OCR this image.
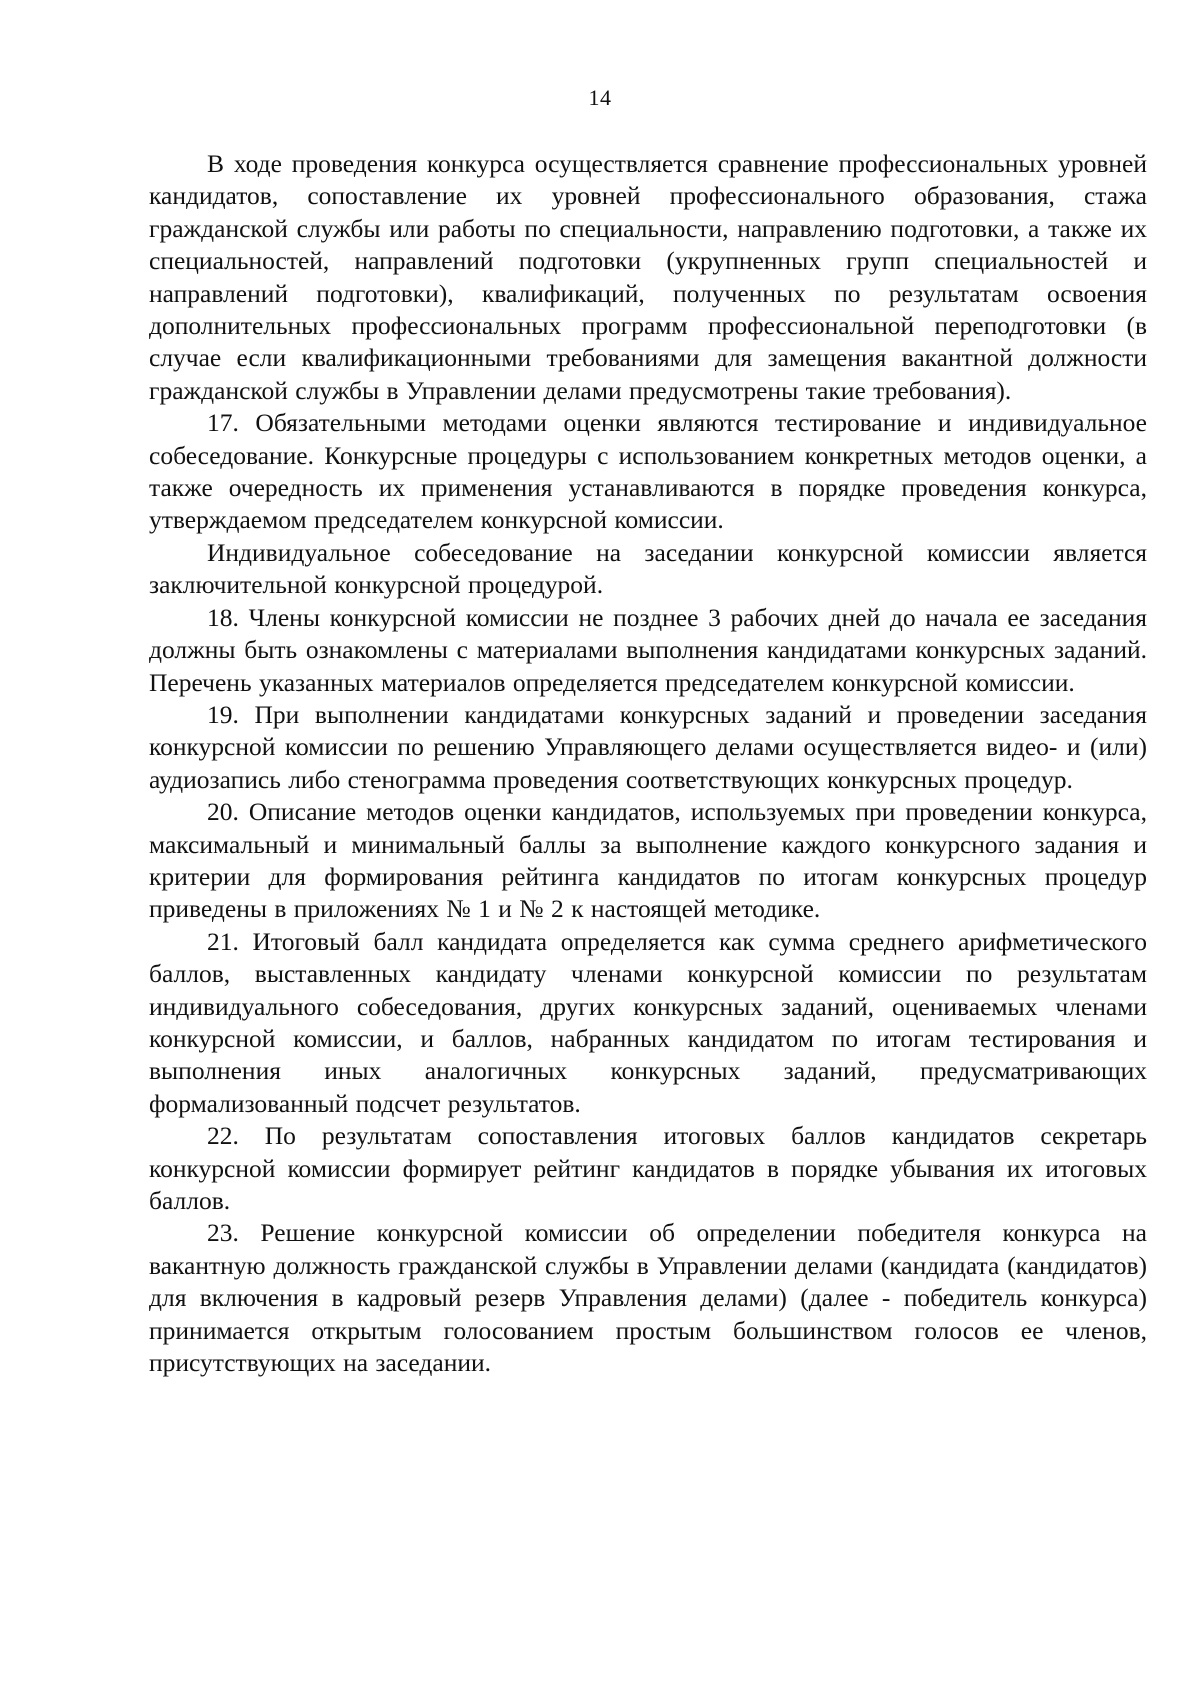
14

В ходе проведения конкурса осуществляется сравнение профессиональных уровней кандидатов, сопоставление их уровней профессионального образования, стажа гражданской службы или работы по специальности, направлению подготовки, а также их специальностей, направлений подготовки (укрупненных групп специальностей и направлений подготовки), квалификаций, полученных по результатам освоения дополнительных профессиональных программ профессиональной переподготовки (в случае если квалификационными требованиями для замещения вакантной должности гражданской службы в Управлении делами предусмотрены такие требования).

17. Обязательными методами оценки являются тестирование и индивидуальное собеседование. Конкурсные процедуры с использованием конкретных методов оценки, а также очередность их применения устанавливаются в порядке проведения конкурса, утверждаемом председателем конкурсной комиссии.

Индивидуальное собеседование на заседании конкурсной комиссии является заключительной конкурсной процедурой.

18. Члены конкурсной комиссии не позднее 3 рабочих дней до начала ее заседания должны быть ознакомлены с материалами выполнения кандидатами конкурсных заданий. Перечень указанных материалов определяется председателем конкурсной комиссии.

19. При выполнении кандидатами конкурсных заданий и проведении заседания конкурсной комиссии по решению Управляющего делами осуществляется видео- и (или) аудиозапись либо стенограмма проведения соответствующих конкурсных процедур.

20. Описание методов оценки кандидатов, используемых при проведении конкурса, максимальный и минимальный баллы за выполнение каждого конкурсного задания и критерии для формирования рейтинга кандидатов по итогам конкурсных процедур приведены в приложениях № 1 и № 2 к настоящей методике.

21. Итоговый балл кандидата определяется как сумма среднего арифметического баллов, выставленных кандидату членами конкурсной комиссии по результатам индивидуального собеседования, других конкурсных заданий, оцениваемых членами конкурсной комиссии, и баллов, набранных кандидатом по итогам тестирования и выполнения иных аналогичных конкурсных заданий, предусматривающих формализованный подсчет результатов.

22. По результатам сопоставления итоговых баллов кандидатов секретарь конкурсной комиссии формирует рейтинг кандидатов в порядке убывания их итоговых баллов.

23. Решение конкурсной комиссии об определении победителя конкурса на вакантную должность гражданской службы в Управлении делами (кандидата (кандидатов) для включения в кадровый резерв Управления делами) (далее - победитель конкурса) принимается открытым голосованием простым большинством голосов ее членов, присутствующих на заседании.
